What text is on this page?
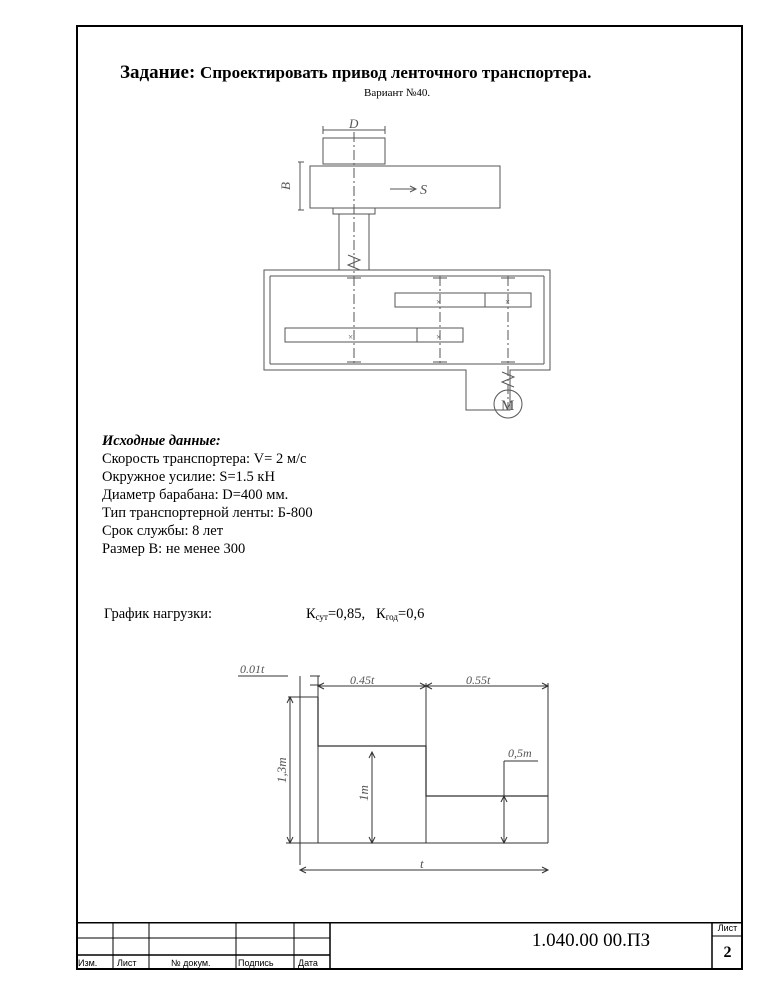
Задание: Спроектировать привод ленточного транспортера.
Вариант №40.
D
B	S
×	×
×	×
M
Исходные данные:
Скорость транспортера: V= 2 м/с
Окружное усилие: S=1.5 кН
Диаметр барабана: D=400 мм.
Тип транспортерной ленты: Б-800
Срок службы: 8 лет
Размер B: не менее 300
График нагрузки:	$К_{сут}=0,85$, $К_{год}=0,6$
0.01t
0.45t	0.55t
1,3m
1m
0,5m
t
Изм. Лист	№ докум.	Подпись	Дата
1.040.00 00.ПЗ
Лист
2
